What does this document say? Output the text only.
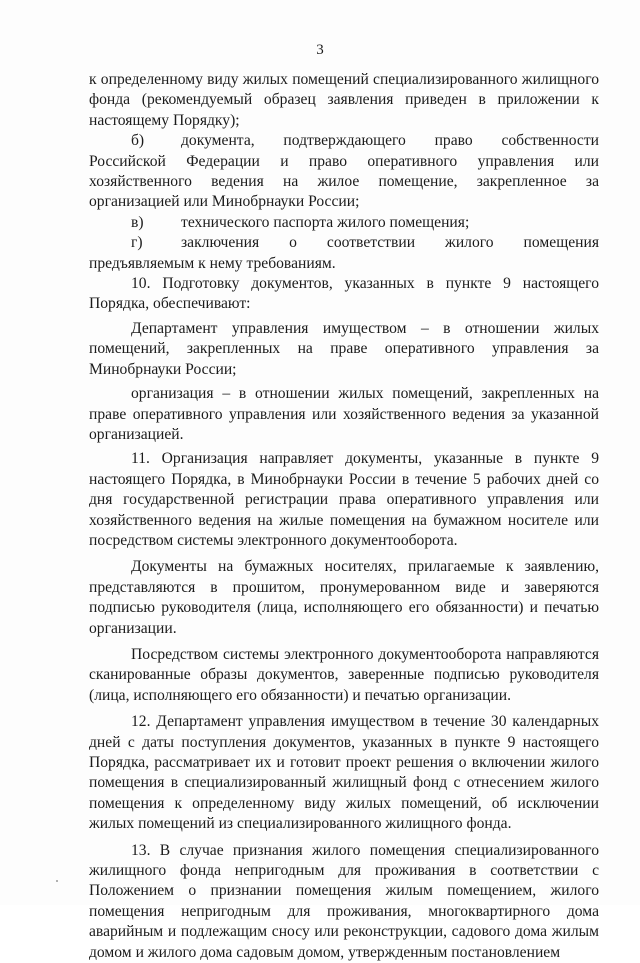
3

к определенному виду жилых помещений специализированного жилищного фонда (рекомендуемый образец заявления приведен в приложении к настоящему Порядку);

б) документа, подтверждающего право собственности Российской Федерации и право оперативного управления или хозяйственного ведения на жилое помещение, закрепленное за организацией или Минобрнауки России;

в) технического паспорта жилого помещения;

г) заключения о соответствии жилого помещения предъявляемым к нему требованиям.

10. Подготовку документов, указанных в пункте 9 настоящего Порядка, обеспечивают:

Департамент управления имуществом – в отношении жилых помещений, закрепленных на праве оперативного управления за Минобрнауки России;

организация – в отношении жилых помещений, закрепленных на праве оперативного управления или хозяйственного ведения за указанной организацией.

11. Организация направляет документы, указанные в пункте 9 настоящего Порядка, в Минобрнауки России в течение 5 рабочих дней со дня государственной регистрации права оперативного управления или хозяйственного ведения на жилые помещения на бумажном носителе или посредством системы электронного документооборота.

Документы на бумажных носителях, прилагаемые к заявлению, представляются в прошитом, пронумерованном виде и заверяются подписью руководителя (лица, исполняющего его обязанности) и печатью организации.

Посредством системы электронного документооборота направляются сканированные образы документов, заверенные подписью руководителя (лица, исполняющего его обязанности) и печатью организации.

12. Департамент управления имуществом в течение 30 календарных дней с даты поступления документов, указанных в пункте 9 настоящего Порядка, рассматривает их и готовит проект решения о включении жилого помещения в специализированный жилищный фонд с отнесением жилого помещения к определенному виду жилых помещений, об исключении жилых помещений из специализированного жилищного фонда.

13. В случае признания жилого помещения специализированного жилищного фонда непригодным для проживания в соответствии с Положением о признании помещения жилым помещением, жилого помещения непригодным для проживания, многоквартирного дома аварийным и подлежащим сносу или реконструкции, садового дома жилым домом и жилого дома садовым домом, утвержденным постановлением
